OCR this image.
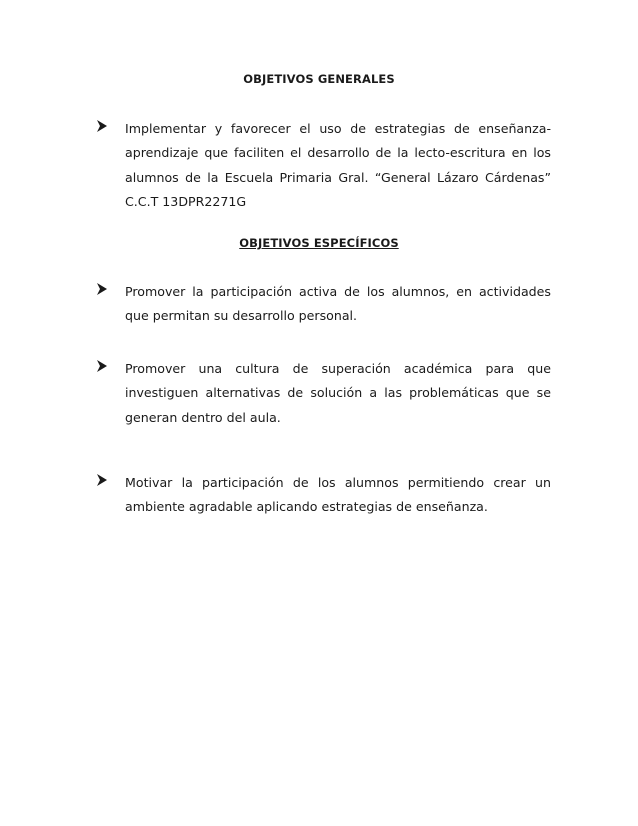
OBJETIVOS GENERALES

Implementar y favorecer el uso de estrategias de enseñanza-aprendizaje que faciliten el desarrollo de la lecto-escritura en los alumnos de la Escuela Primaria Gral. “General Lázaro Cárdenas” C.C.T 13DPR2271G

OBJETIVOS ESPECÍFICOS

Promover la participación activa de los alumnos, en actividades que permitan su desarrollo personal.

Promover una cultura de superación académica para que investiguen alternativas de solución a las problemáticas que se generan dentro del aula.

Motivar la participación de los alumnos permitiendo crear un ambiente agradable aplicando estrategias de enseñanza.
